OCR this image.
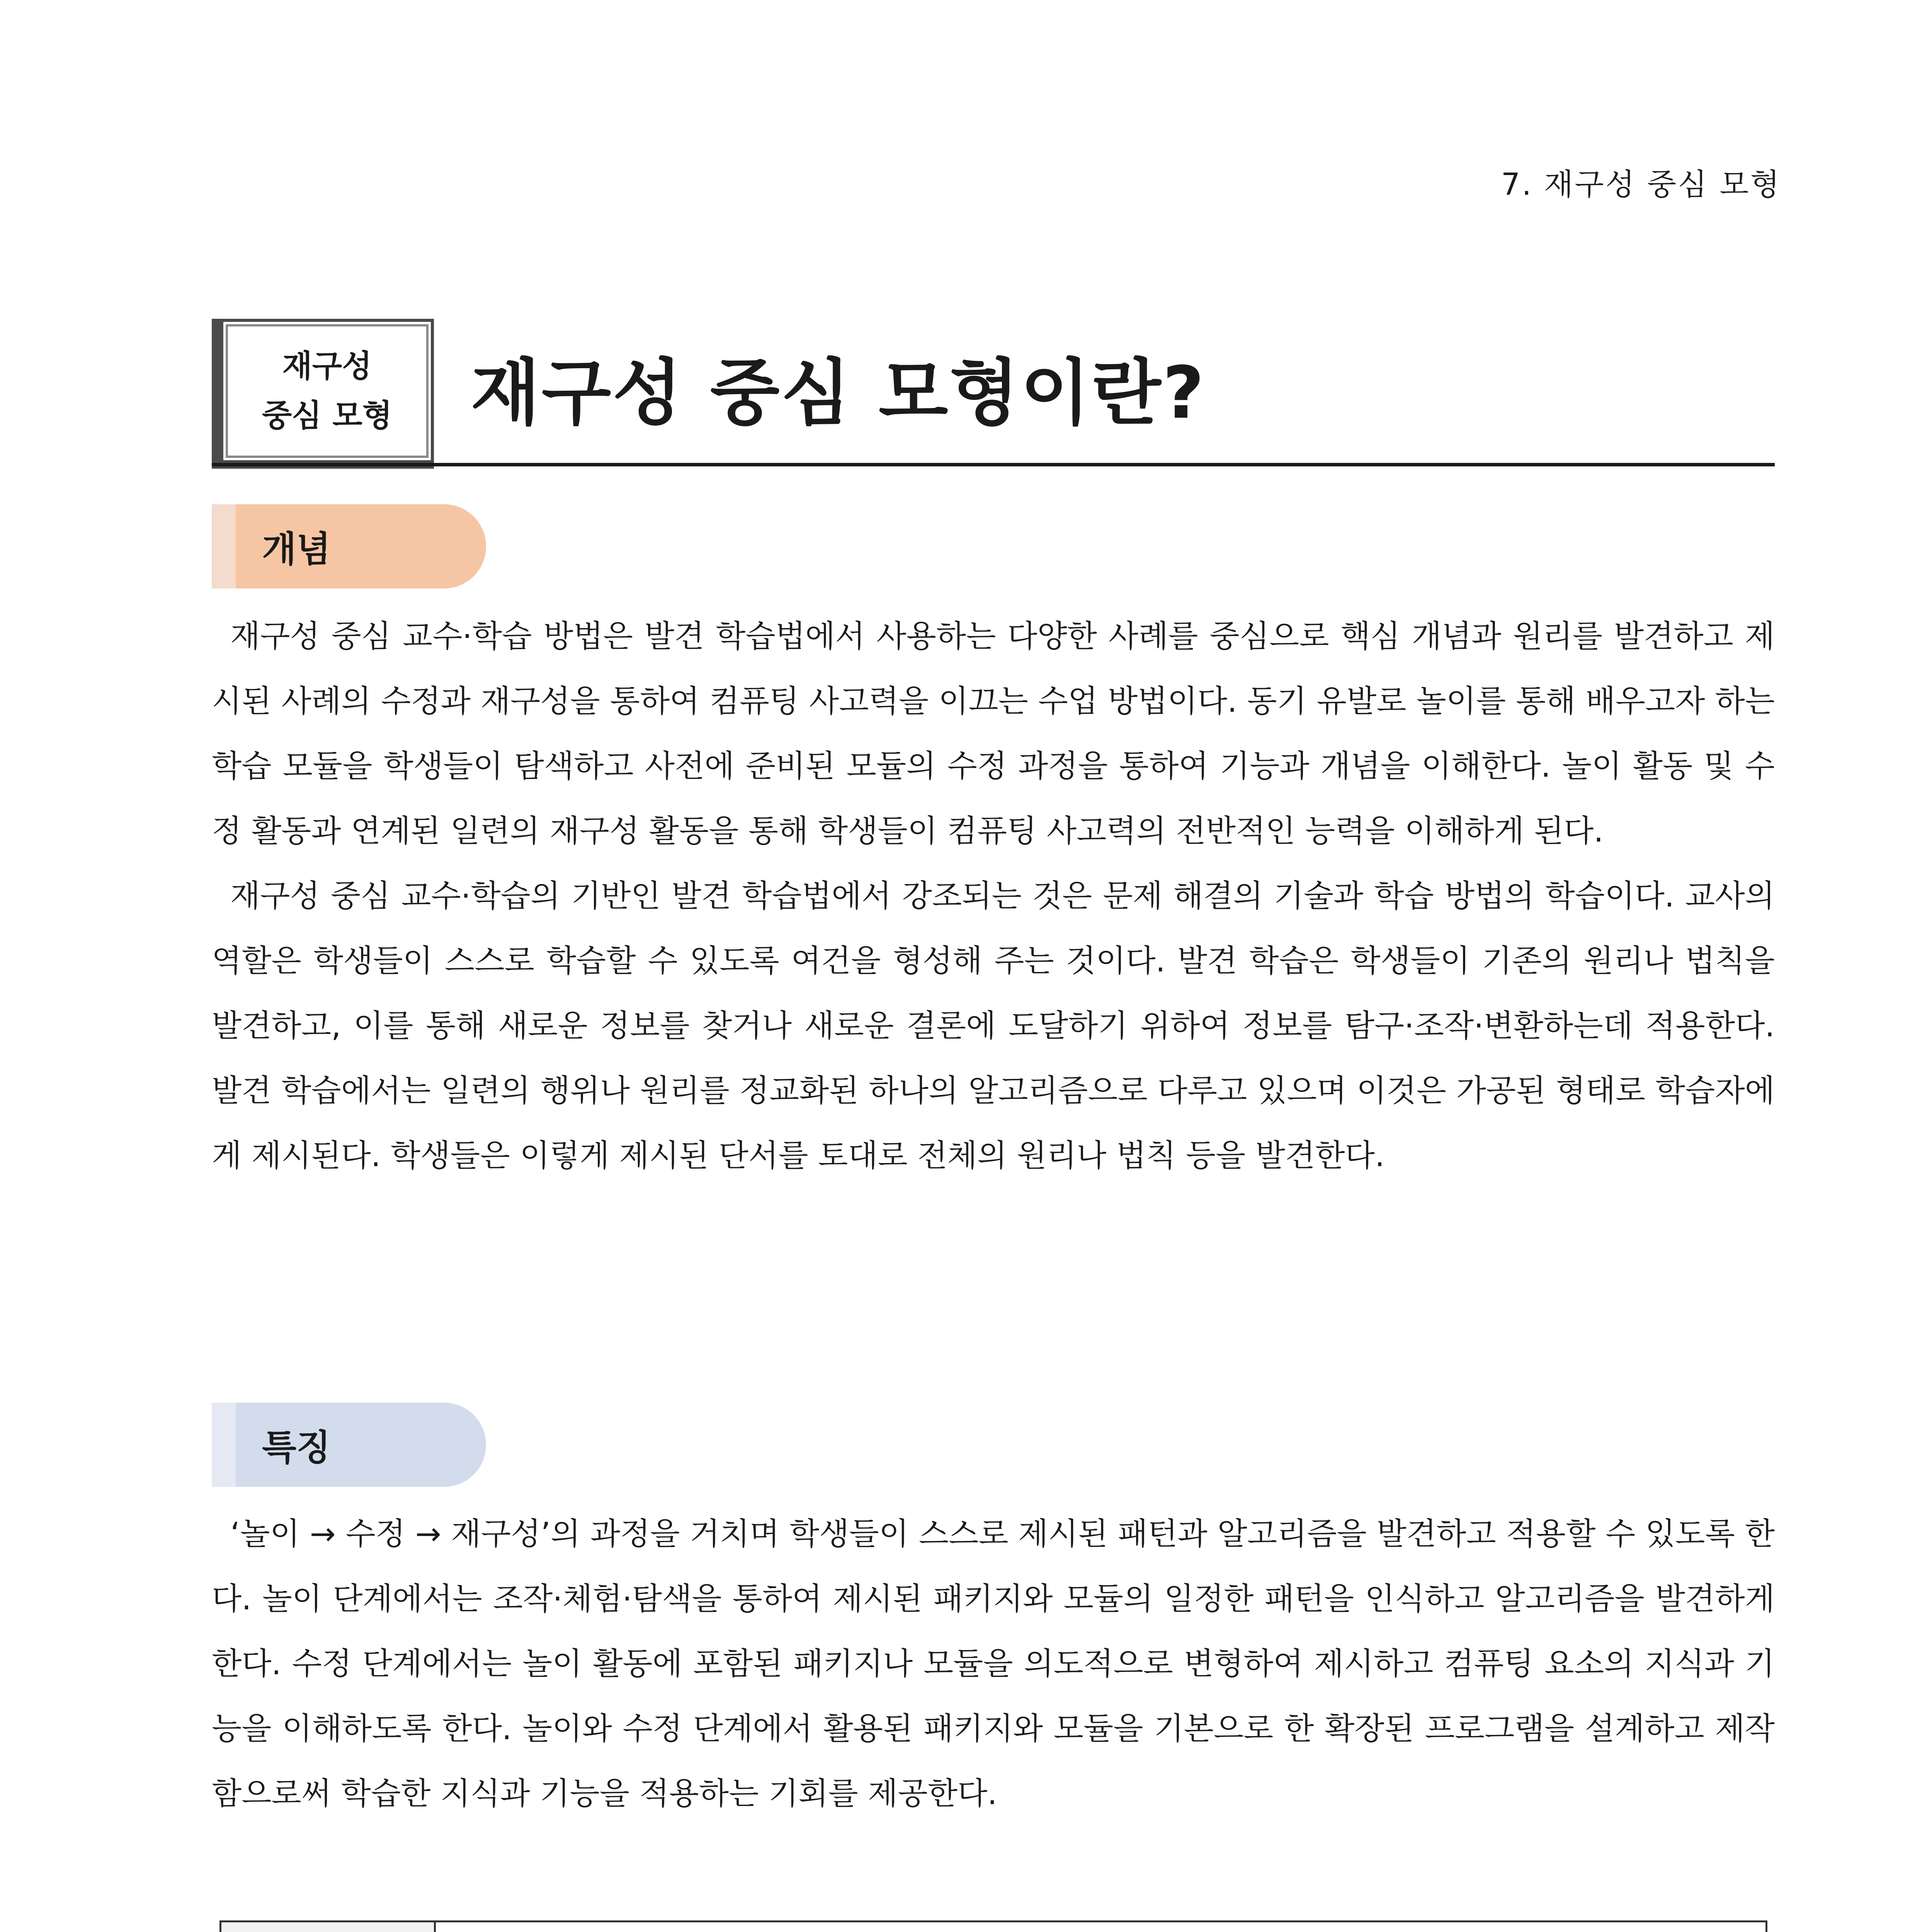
7. 재구성 중심 모형
재구성
중심 모형 재구성 중심 모형이란?
개념

재구성 중심 교수·학습 방법은 발견 학습법에서 사용하는 다양한 사례를 중심으로 핵심 개념과 원리를 발견하고 제시된 사례의 수정과 재구성을 통하여 컴퓨팅 사고력을 이끄는 수업 방법이다. 동기 유발로 놀이를 통해 배우고자 하는 학습 모듈을 학생들이 탐색하고 사전에 준비된 모듈의 수정 과정을 통하여 기능과 개념을 이해한다. 놀이 활동 및 수정 활동과 연계된 일련의 재구성 활동을 통해 학생들이 컴퓨팅 사고력의 전반적인 능력을 이해하게 된다.

재구성 중심 교수·학습의 기반인 발견 학습법에서 강조되는 것은 문제 해결의 기술과 학습 방법의 학습이다. 교사의 역할은 학생들이 스스로 학습할 수 있도록 여건을 형성해 주는 것이다. 발견 학습은 학생들이 기존의 원리나 법칙을 발견하고, 이를 통해 새로운 정보를 찾거나 새로운 결론에 도달하기 위하여 정보를 탐구·조작·변환하는데 적용한다. 발견 학습에서는 일련의 행위나 원리를 정교화된 하나의 알고리즘으로 다루고 있으며 이것은 가공된 형태로 학습자에게 제시된다. 학생들은 이렇게 제시된 단서를 토대로 전체의 원리나 법칙 등을 발견한다.

특징

‘놀이 → 수정 → 재구성’의 과정을 거치며 학생들이 스스로 제시된 패턴과 알고리즘을 발견하고 적용할 수 있도록 한다. 놀이 단계에서는 조작·체험·탐색을 통하여 제시된 패키지와 모듈의 일정한 패턴을 인식하고 알고리즘을 발견하게 한다. 수정 단계에서는 놀이 활동에 포함된 패키지나 모듈을 의도적으로 변형하여 제시하고 컴퓨팅 요소의 지식과 기능을 이해하도록 한다. 놀이와 수정 단계에서 활용된 패키지와 모듈을 기본으로 한 확장된 프로그램을 설계하고 제작함으로써 학습한 지식과 기능을 적용하는 기회를 제공한다.
